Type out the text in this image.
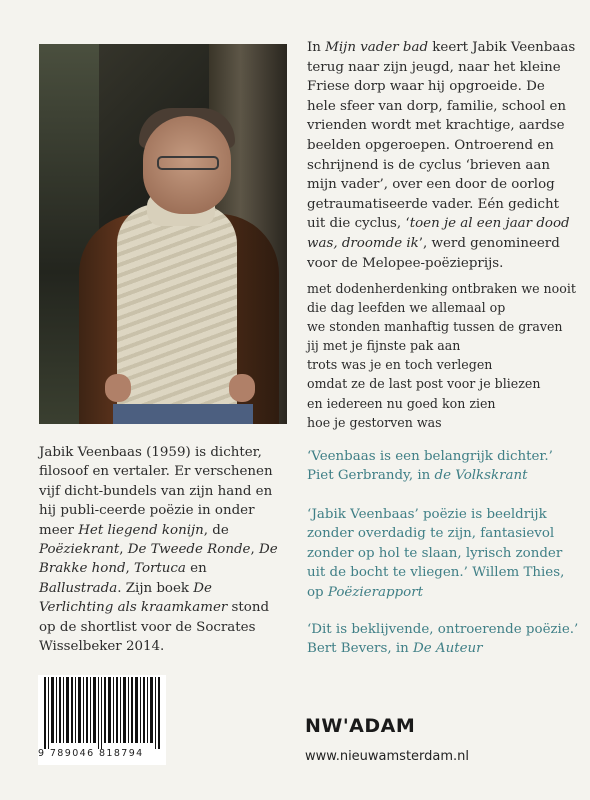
In Mijn vader bad keert Jabik Veenbaas terug naar zijn jeugd, naar het kleine Friese dorp waar hij opgroeide. De hele sfeer van dorp, familie, school en vrienden wordt met krachtige, aardse beelden opgeroepen. Ontroerend en schrijnend is de cyclus ‘brieven aan mijn vader’, over een door de oorlog getraumatiseerde vader. Eén gedicht uit die cyclus, ‘toen je al een jaar dood was, droomde ik’, werd genomineerd voor de Melopee-poëzieprijs.

met dodenherdenking ontbraken we nooit
die dag leefden we allemaal op
we stonden manhaftig tussen de graven
jij met je fijnste pak aan
trots was je en toch verlegen
omdat ze de last post voor je bliezen
en iedereen nu goed kon zien
hoe je gestorven was

Jabik Veenbaas (1959) is dichter, filosoof en vertaler. Er verschenen vijf dicht-bundels van zijn hand en hij publi-ceerde poëzie in onder meer Het liegend konijn, de Poëziekrant, De Tweede Ronde, De Brakke hond, Tortuca en Ballustrada. Zijn boek De Verlichting als kraamkamer stond op de shortlist voor de Socrates Wisselbeker 2014.

‘Veenbaas is een belangrijk dichter.’ Piet Gerbrandy, in de Volkskrant

‘Jabik Veenbaas’ poëzie is beeldrijk zonder overdadig te zijn, fantasievol zonder op hol te slaan, lyrisch zonder uit de bocht te vliegen.’ Willem Thies, op Poëzierapport

‘Dit is beklijvende, ontroerende poëzie.’ Bert Bevers, in De Auteur

9 789046 818794
NW'ADAM
www.nieuwamsterdam.nl
